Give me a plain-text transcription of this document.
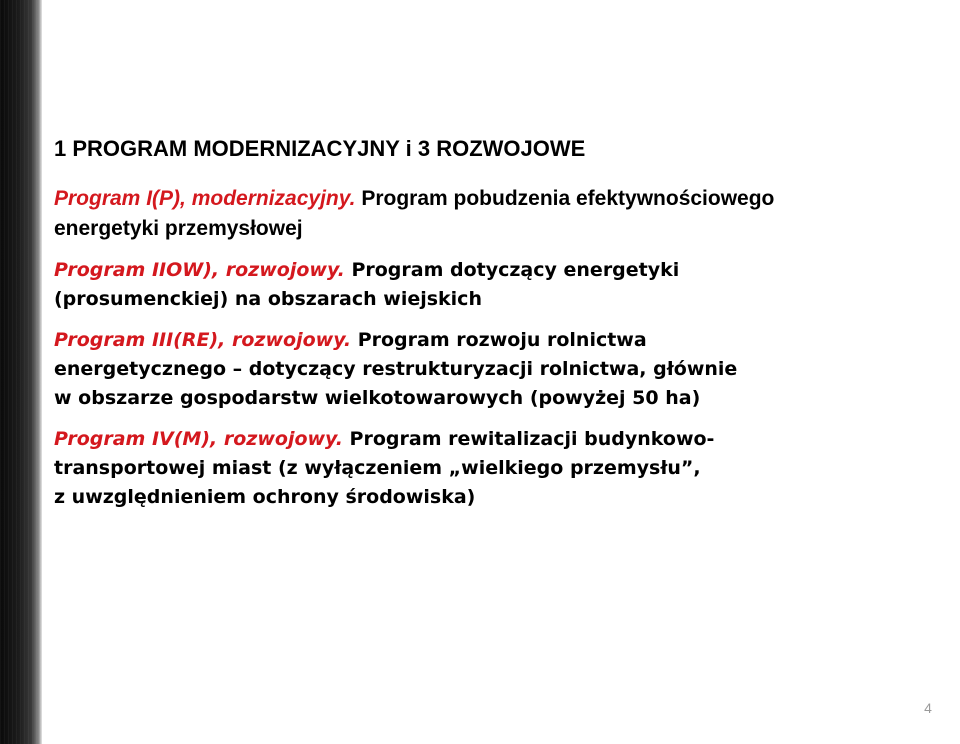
1 PROGRAM MODERNIZACYJNY i 3 ROZWOJOWE
Program I(P), modernizacyjny. Program pobudzenia efektywnościowego
energetyki przemysłowej
Program IIOW), rozwojowy. Program dotyczący energetyki
(prosumenckiej) na obszarach wiejskich
Program III(RE), rozwojowy. Program rozwoju rolnictwa
energetycznego – dotyczący restrukturyzacji rolnictwa, głównie
w obszarze gospodarstw wielkotowarowych (powyżej 50 ha)
Program IV(M), rozwojowy. Program rewitalizacji budynkowo-
transportowej miast (z wyłączeniem „wielkiego przemysłu”,
z uwzględnieniem ochrony środowiska)
4
